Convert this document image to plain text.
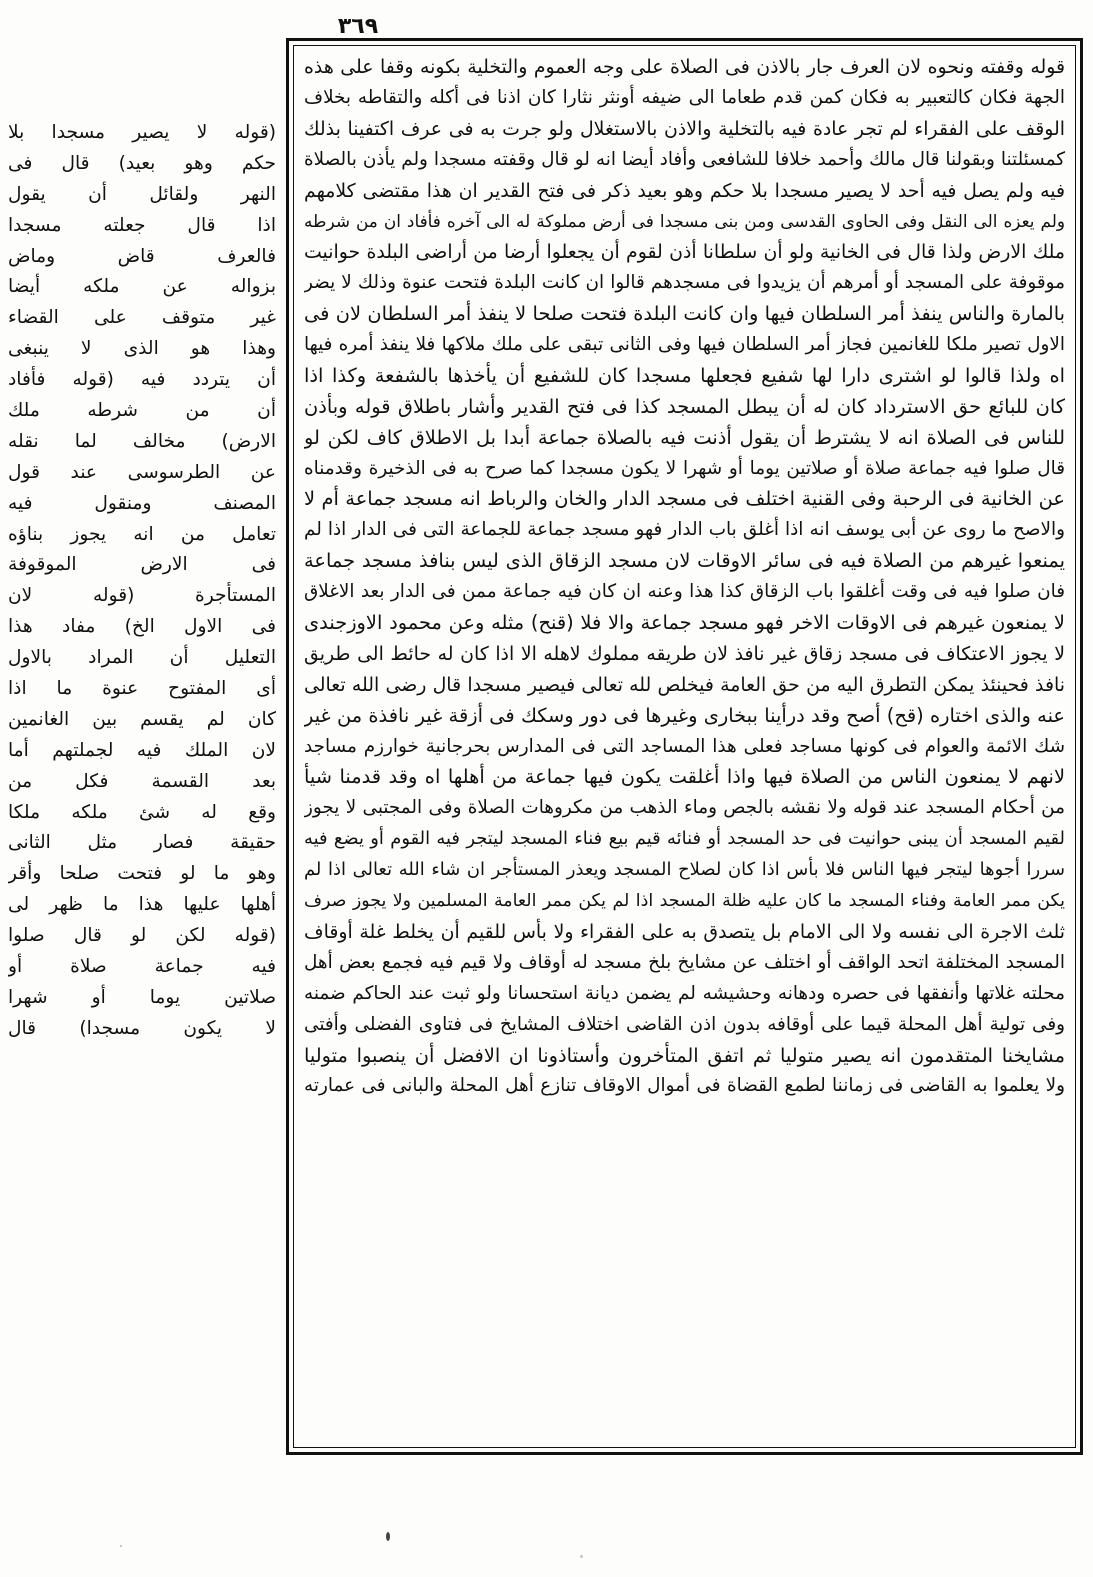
٣٦٩
قوله وقفته ونحوه لان العرف جار بالاذن فى الصلاة على وجه العموم والتخلية بكونه وقفا على هذه
الجهة فكان كالتعبير به فكان كمن قدم طعاما الى ضيفه أونثر نثارا كان اذنا فى أكله والتقاطه بخلاف
الوقف على الفقراء لم تجر عادة فيه بالتخلية والاذن بالاستغلال ولو جرت به فى عرف اكتفينا بذلك
كمسئلتنا وبقولنا قال مالك وأحمد خلافا للشافعى وأفاد أيضا انه لو قال وقفته مسجدا ولم يأذن بالصلاة
فيه ولم يصل فيه أحد لا يصير مسجدا بلا حكم وهو بعيد ذكر فى فتح القدير ان هذا مقتضى كلامهم
ولم يعزه الى النقل وفى الحاوى القدسى ومن بنى مسجدا فى أرض مملوكة له الى آخره فأفاد ان من شرطه
ملك الارض ولذا قال فى الخانية ولو أن سلطانا أذن لقوم أن يجعلوا أرضا من أراضى البلدة حوانيت
موقوفة على المسجد أو أمرهم أن يزيدوا فى مسجدهم قالوا ان كانت البلدة فتحت عنوة وذلك لا يضر
بالمارة والناس ينفذ أمر السلطان فيها وان كانت البلدة فتحت صلحا لا ينفذ أمر السلطان لان فى
الاول تصير ملكا للغانمين فجاز أمر السلطان فيها وفى الثانى تبقى على ملك ملاكها فلا ينفذ أمره فيها
اه ولذا قالوا لو اشترى دارا لها شفيع فجعلها مسجدا كان للشفيع أن يأخذها بالشفعة وكذا اذا
كان للبائع حق الاسترداد كان له أن يبطل المسجد كذا فى فتح القدير وأشار باطلاق قوله وبأذن
للناس فى الصلاة انه لا يشترط أن يقول أذنت فيه بالصلاة جماعة أبدا بل الاطلاق كاف لكن لو
قال صلوا فيه جماعة صلاة أو صلاتين يوما أو شهرا لا يكون مسجدا كما صرح به فى الذخيرة وقدمناه
عن الخانية فى الرحبة وفى القنية اختلف فى مسجد الدار والخان والرباط انه مسجد جماعة أم لا
والاصح ما روى عن أبى يوسف انه اذا أغلق باب الدار فهو مسجد جماعة للجماعة التى فى الدار اذا لم
يمنعوا غيرهم من الصلاة فيه فى سائر الاوقات لان مسجد الزقاق الذى ليس بنافذ مسجد جماعة
فان صلوا فيه فى وقت أغلقوا باب الزقاق كذا هذا وعنه ان كان فيه جماعة ممن فى الدار بعد الاغلاق
لا يمنعون غيرهم فى الاوقات الاخر فهو مسجد جماعة والا فلا (قنح) مثله وعن محمود الاوزجندى
لا يجوز الاعتكاف فى مسجد زقاق غير نافذ لان طريقه مملوك لاهله الا اذا كان له حائط الى طريق
نافذ فحينئذ يمكن التطرق اليه من حق العامة فيخلص لله تعالى فيصير مسجدا قال رضى الله تعالى
عنه والذى اختاره (قح) أصح وقد درأينا ببخارى وغيرها فى دور وسكك فى أزقة غير نافذة من غير
شك الائمة والعوام فى كونها مساجد فعلى هذا المساجد التى فى المدارس بحرجانية خوارزم مساجد
لانهم لا يمنعون الناس من الصلاة فيها واذا أغلقت يكون فيها جماعة من أهلها اه وقد قدمنا شيأ
من أحكام المسجد عند قوله ولا نقشه بالجص وماء الذهب من مكروهات الصلاة وفى المجتبى لا يجوز
لقيم المسجد أن يبنى حوانيت فى حد المسجد أو فنائه قيم بيع فناء المسجد ليتجر فيه القوم أو يضع فيه
سررا أجوها ليتجر فيها الناس فلا بأس اذا كان لصلاح المسجد ويعذر المستأجر ان شاء الله تعالى اذا لم
يكن ممر العامة وفناء المسجد ما كان عليه ظلة المسجد اذا لم يكن ممر العامة المسلمين ولا يجوز صرف
ثلث الاجرة الى نفسه ولا الى الامام بل يتصدق به على الفقراء ولا بأس للقيم أن يخلط غلة أوقاف
المسجد المختلفة اتحد الواقف أو اختلف عن مشايخ بلخ مسجد له أوقاف ولا قيم فيه فجمع بعض أهل
محلته غلاتها وأنفقها فى حصره ودهانه وحشيشه لم يضمن ديانة استحسانا ولو ثبت عند الحاكم ضمنه
وفى تولية أهل المحلة قيما على أوقافه بدون اذن القاضى اختلاف المشايخ فى فتاوى الفضلى وأفتى
مشايخنا المتقدمون انه يصير متوليا ثم اتفق المتأخرون وأستاذونا ان الافضل أن ينصبوا متوليا
ولا يعلموا به القاضى فى زماننا لطمع القضاة فى أموال الاوقاف تنازع أهل المحلة والبانى فى عمارته
(قوله لا يصير مسجدا بلا
حكم وهو بعيد) قال فى
النهر ولقائل أن يقول
اذا قال جعلته مسجدا
فالعرف قاض وماض
بزواله عن ملكه أيضا
غير متوقف على القضاء
وهذا هو الذى لا ينبغى
أن يتردد فيه (قوله فأفاد
أن من شرطه ملك
الارض) مخالف لما نقله
عن الطرسوسى عند قول
المصنف ومنقول فيه
تعامل من انه يجوز بناؤه
فى الارض الموقوفة
المستأجرة (قوله لان
فى الاول الخ) مفاد هذا
التعليل أن المراد بالاول
أى المفتوح عنوة ما اذا
كان لم يقسم بين الغانمين
لان الملك فيه لجملتهم أما
بعد القسمة فكل من
وقع له شئ ملكه ملكا
حقيقة فصار مثل الثانى
وهو ما لو فتحت صلحا وأقر
أهلها عليها هذا ما ظهر لى
(قوله لكن لو قال صلوا
فيه جماعة صلاة أو
صلاتين يوما أو شهرا
لا يكون مسجدا) قال
